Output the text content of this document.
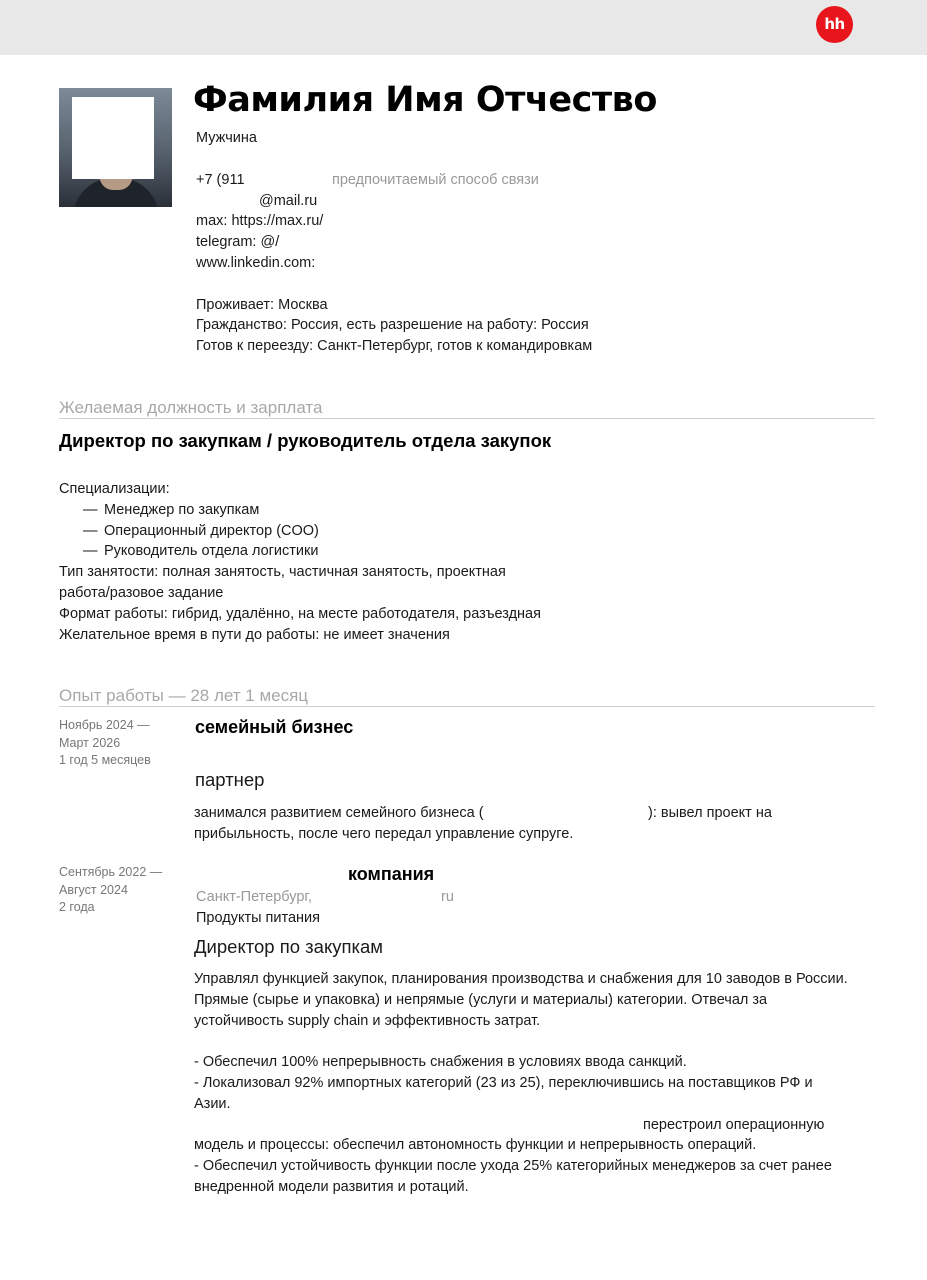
hh
Фамилия Имя Отчество
Мужчина
+7 (911	предпочитаемый способ связи
@mail.ru
max: https://max.ru/
telegram: @/
www.linkedin.com:
Проживает: Москва
Гражданство: Россия, есть разрешение на работу: Россия
Готов к переезду: Санкт-Петербург, готов к командировкам
Желаемая должность и зарплата
Директор по закупкам / руководитель отдела закупок
Специализации:
— Менеджер по закупкам
— Операционный директор (COO)
— Руководитель отдела логистики
Тип занятости: полная занятость, частичная занятость, проектная
работа/разовое задание
Формат работы: гибрид, удалённо, на месте работодателя, разъездная
Желательное время в пути до работы: не имеет значения
Опыт работы — 28 лет 1 месяц
Ноябрь 2024 —
Март 2026
1 год 5 месяцев
семейный бизнес
партнер
занимался развитием семейного бизнеса (	): вывел проект на
прибыльность, после чего передал управление супруге.
Сентябрь 2022 —
Август 2024
2 года
компания
Санкт-Петербург,	ru
Продукты питания
Директор по закупкам
Управлял функцией закупок, планирования производства и снабжения для 10 заводов в России.
Прямые (сырье и упаковка) и непрямые (услуги и материалы) категории. Отвечал за
устойчивость supply chain и эффективность затрат.
- Обеспечил 100% непрерывность снабжения в условиях ввода санкций.
- Локализовал 92% импортных категорий (23 из 25), переключившись на поставщиков РФ и
Азии.
перестроил операционную
модель и процессы: обеспечил автономность функции и непрерывность операций.
- Обеспечил устойчивость функции после ухода 25% категорийных менеджеров за счет ранее
внедренной модели развития и ротаций.
